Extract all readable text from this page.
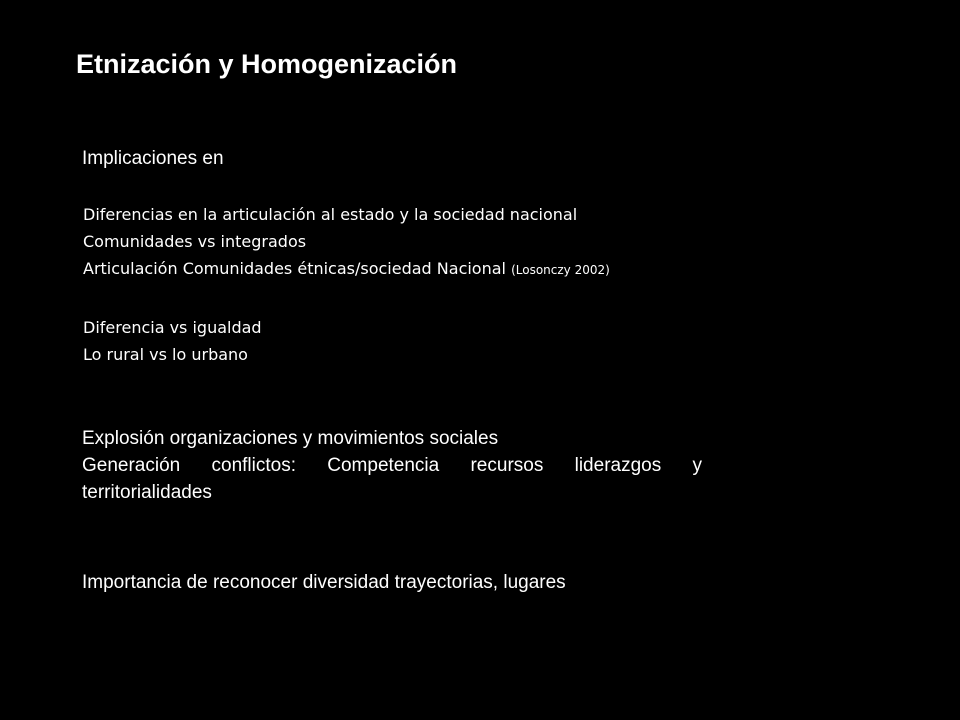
Etnización y Homogenización

Implicaciones en

Diferencias en la articulación al estado y la sociedad nacional
Comunidades vs integrados
Articulación Comunidades étnicas/sociedad Nacional (Losonczy 2002)
Diferencia vs igualdad
Lo rural vs lo urbano
Explosión organizaciones y movimientos sociales
Generación conflictos: Competencia recursos liderazgos y territorialidades
Importancia de reconocer diversidad trayectorias, lugares
